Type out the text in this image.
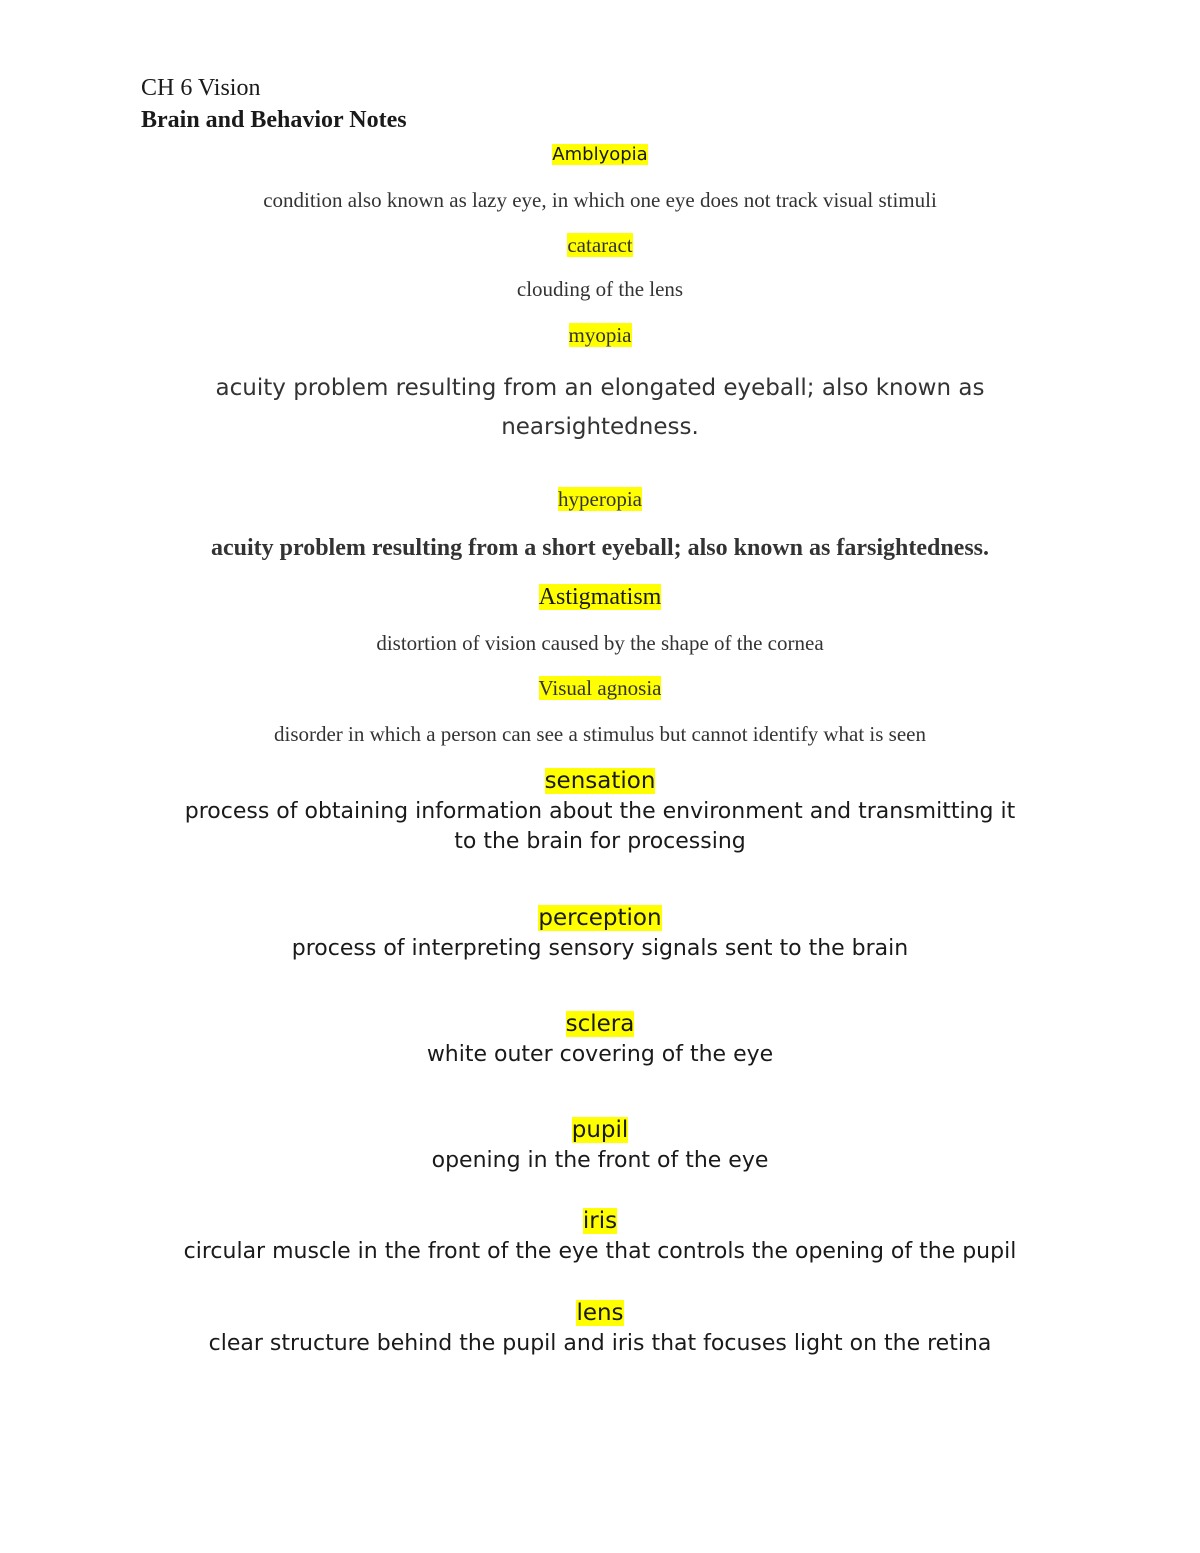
CH 6 Vision
Brain and Behavior Notes
Amblyopia
condition also known as lazy eye, in which one eye does not track visual stimuli
cataract
clouding of the lens
myopia
acuity problem resulting from an elongated eyeball; also known as
nearsightedness.
hyperopia
acuity problem resulting from a short eyeball; also known as farsightedness.
Astigmatism
distortion of vision caused by the shape of the cornea
Visual agnosia
disorder in which a person can see a stimulus but cannot identify what is seen
sensation
process of obtaining information about the environment and transmitting it
to the brain for processing
perception
process of interpreting sensory signals sent to the brain
sclera
white outer covering of the eye
pupil
opening in the front of the eye
iris
circular muscle in the front of the eye that controls the opening of the pupil
lens
clear structure behind the pupil and iris that focuses light on the retina
